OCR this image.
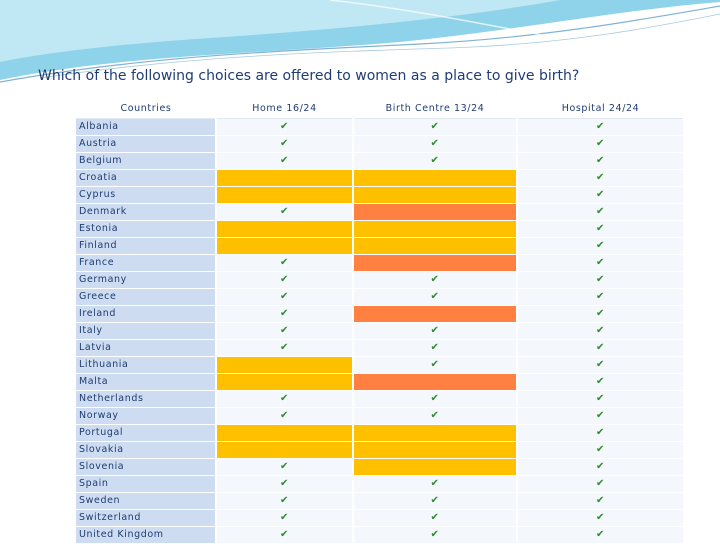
Which of the following choices are offered to women as a place to give birth?
Countries	Home 16/24	Birth Centre 13/24	Hospital 24/24
Albania	✔	✔	✔
Austria	✔	✔	✔
Belgium	✔	✔	✔
Croatia			✔
Cyprus			✔
Denmark	✔		✔
Estonia			✔
Finland			✔
France	✔		✔
Germany	✔	✔	✔
Greece	✔	✔	✔
Ireland	✔		✔
Italy	✔	✔	✔
Latvia	✔	✔	✔
Lithuania		✔	✔
Malta			✔
Netherlands	✔	✔	✔
Norway	✔	✔	✔
Portugal			✔
Slovakia			✔
Slovenia	✔		✔
Spain	✔	✔	✔
Sweden	✔	✔	✔
Switzerland	✔	✔	✔
United Kingdom	✔	✔	✔
